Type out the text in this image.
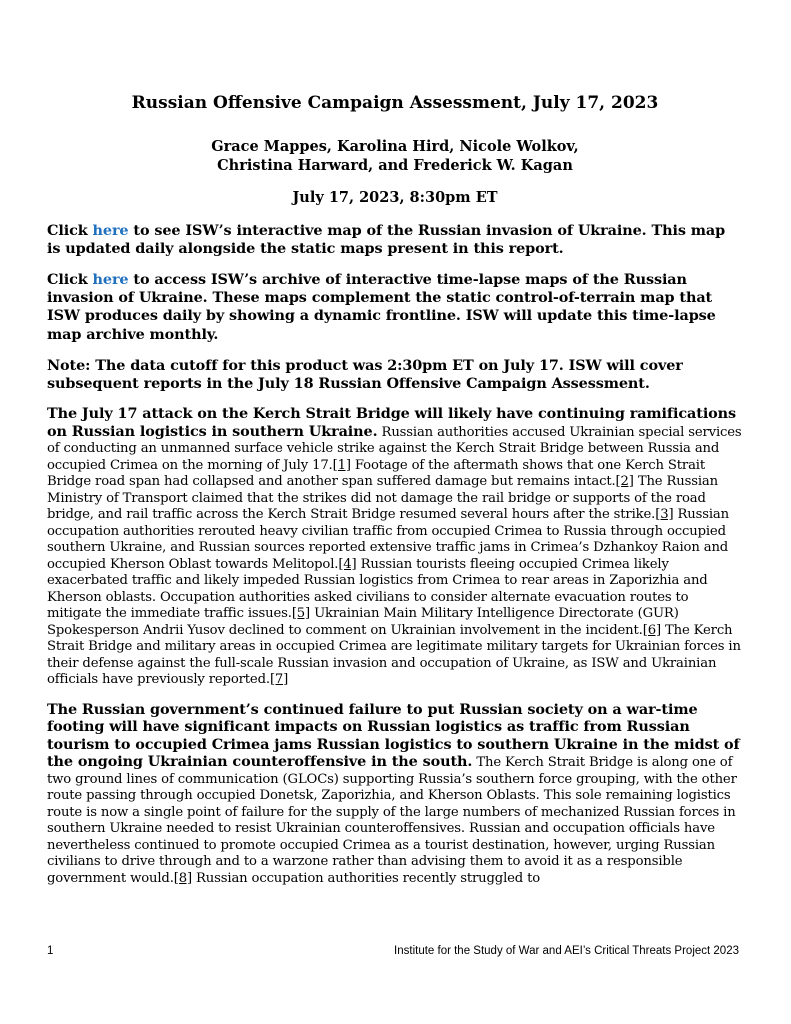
Russian Offensive Campaign Assessment, July 17, 2023
Grace Mappes, Karolina Hird, Nicole Wolkov,
Christina Harward, and Frederick W. Kagan
July 17, 2023, 8:30pm ET

Click here to see ISW’s interactive map of the Russian invasion of Ukraine. This map is updated daily alongside the static maps present in this report.

Click here to access ISW’s archive of interactive time-lapse maps of the Russian invasion of Ukraine. These maps complement the static control-of-terrain map that ISW produces daily by showing a dynamic frontline. ISW will update this time-lapse map archive monthly.

Note: The data cutoff for this product was 2:30pm ET on July 17. ISW will cover subsequent reports in the July 18 Russian Offensive Campaign Assessment.

The July 17 attack on the Kerch Strait Bridge will likely have continuing ramifications on Russian logistics in southern Ukraine. Russian authorities accused Ukrainian special services of conducting an unmanned surface vehicle strike against the Kerch Strait Bridge between Russia and occupied Crimea on the morning of July 17.[1] Footage of the aftermath shows that one Kerch Strait Bridge road span had collapsed and another span suffered damage but remains intact.[2] The Russian Ministry of Transport claimed that the strikes did not damage the rail bridge or supports of the road bridge, and rail traffic across the Kerch Strait Bridge resumed several hours after the strike.[3] Russian occupation authorities rerouted heavy civilian traffic from occupied Crimea to Russia through occupied southern Ukraine, and Russian sources reported extensive traffic jams in Crimea’s Dzhankoy Raion and occupied Kherson Oblast towards Melitopol.[4] Russian tourists fleeing occupied Crimea likely exacerbated traffic and likely impeded Russian logistics from Crimea to rear areas in Zaporizhia and Kherson oblasts. Occupation authorities asked civilians to consider alternate evacuation routes to mitigate the immediate traffic issues.[5] Ukrainian Main Military Intelligence Directorate (GUR) Spokesperson Andrii Yusov declined to comment on Ukrainian involvement in the incident.[6] The Kerch Strait Bridge and military areas in occupied Crimea are legitimate military targets for Ukrainian forces in their defense against the full-scale Russian invasion and occupation of Ukraine, as ISW and Ukrainian officials have previously reported.[7]

The Russian government’s continued failure to put Russian society on a war-time footing will have significant impacts on Russian logistics as traffic from Russian tourism to occupied Crimea jams Russian logistics to southern Ukraine in the midst of the ongoing Ukrainian counteroffensive in the south. The Kerch Strait Bridge is along one of two ground lines of communication (GLOCs) supporting Russia’s southern force grouping, with the other route passing through occupied Donetsk, Zaporizhia, and Kherson Oblasts. This sole remaining logistics route is now a single point of failure for the supply of the large numbers of mechanized Russian forces in southern Ukraine needed to resist Ukrainian counteroffensives. Russian and occupation officials have nevertheless continued to promote occupied Crimea as a tourist destination, however, urging Russian civilians to drive through and to a warzone rather than advising them to avoid it as a responsible government would.[8] Russian occupation authorities recently struggled to

1	Institute for the Study of War and AEI’s Critical Threats Project 2023
